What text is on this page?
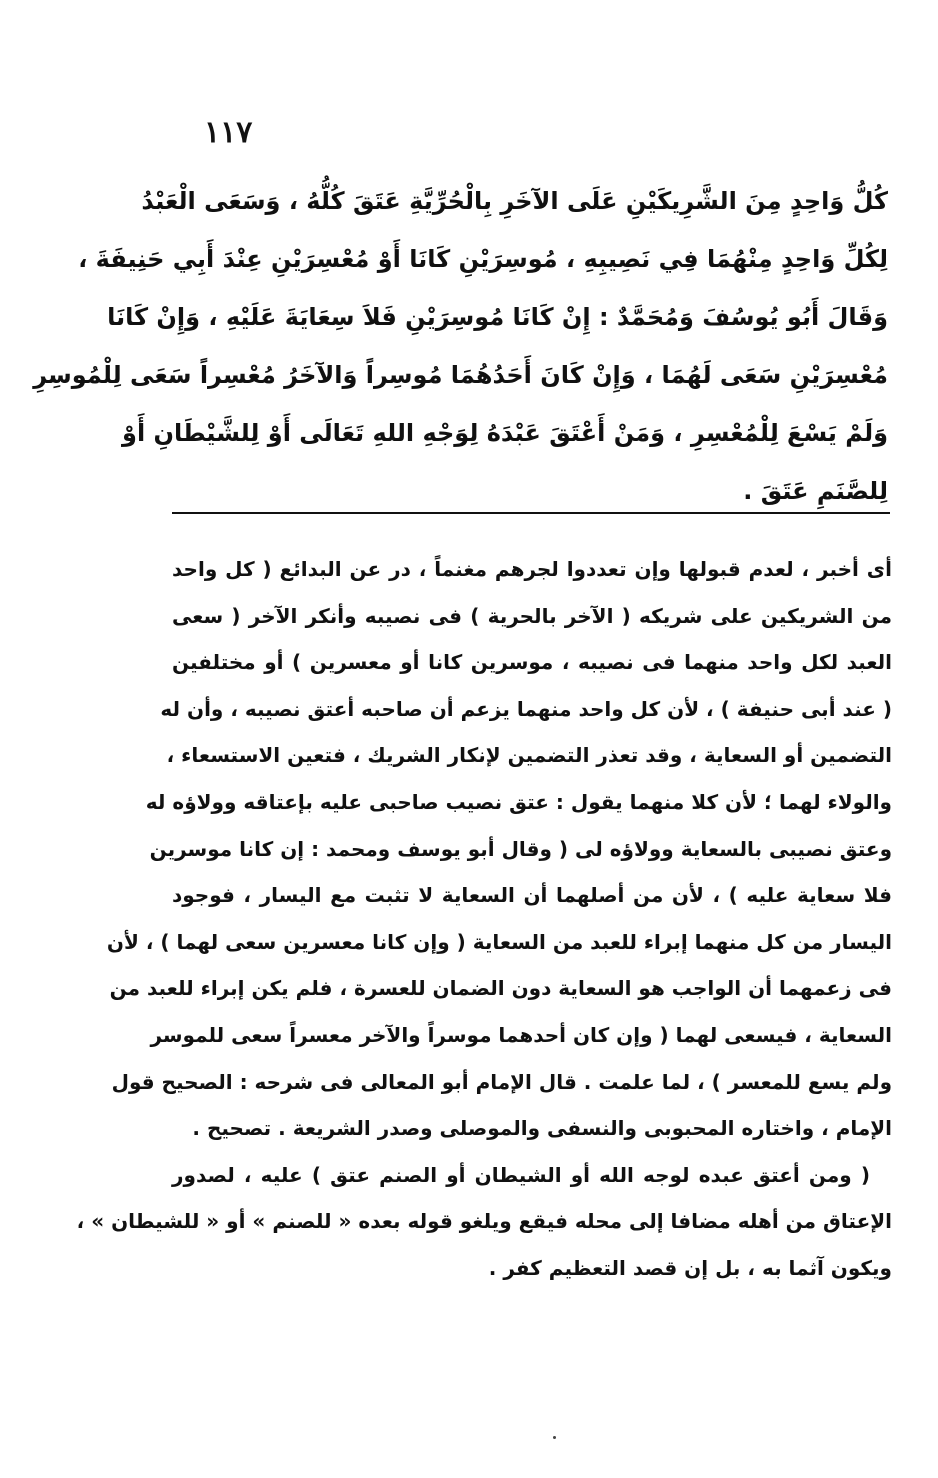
١١٧
كُلُّ وَاحِدٍ مِنَ الشَّرِيكَيْنِ عَلَى الآخَرِ بِالْحُرِّيَّةِ عَتَقَ كُلُّهُ ، وَسَعَى الْعَبْدُ
لِكُلِّ وَاحِدٍ مِنْهُمَا فِي نَصِيبِهِ ، مُوسِرَيْنِ كَانَا أَوْ مُعْسِرَيْنِ عِنْدَ أَبِي حَنِيفَةَ ،
وَقَالَ أَبُو يُوسُفَ وَمُحَمَّدٌ : إِنْ كَانَا مُوسِرَيْنِ فَلاَ سِعَايَةَ عَلَيْهِ ، وَإِنْ كَانَا
مُعْسِرَيْنِ سَعَى لَهُمَا ، وَإِنْ كَانَ أَحَدُهُمَا مُوسِراً وَالآخَرُ مُعْسِراً سَعَى لِلْمُوسِرِ
وَلَمْ يَسْعَ لِلْمُعْسِرِ ، وَمَنْ أَعْتَقَ عَبْدَهُ لِوَجْهِ اللهِ تَعَالَى أَوْ لِلشَّيْطَانِ أَوْ
لِلصَّنَمِ عَتَقَ .
أى أخبر ، لعدم قبولها وإن تعددوا لجرهم مغنماً ، در عن البدائع ( كل واحد
من الشريكين على شريكه ( الآخر بالحرية ) فى نصيبه وأنكر الآخر ( سعى
العبد لكل واحد منهما فى نصيبه ، موسرين كانا أو معسرين ) أو مختلفين
( عند أبى حنيفة ) ، لأن كل واحد منهما يزعم أن صاحبه أعتق نصيبه ، وأن له
التضمين أو السعاية ، وقد تعذر التضمين لإنكار الشريك ، فتعين الاستسعاء ،
والولاء لهما ؛ لأن كلا منهما يقول : عتق نصيب صاحبى عليه بإعتاقه وولاؤه له
وعتق نصيبى بالسعاية وولاؤه لى ( وقال أبو يوسف ومحمد : إن كانا موسرين
فلا سعاية عليه ) ، لأن من أصلهما أن السعاية لا تثبت مع اليسار ، فوجود
اليسار من كل منهما إبراء للعبد من السعاية ( وإن كانا معسرين سعى لهما ) ، لأن
فى زعمهما أن الواجب هو السعاية دون الضمان للعسرة ، فلم يكن إبراء للعبد من
السعاية ، فيسعى لهما ( وإن كان أحدهما موسراً والآخر معسراً سعى للموسر
ولم يسع للمعسر ) ، لما علمت . قال الإمام أبو المعالى فى شرحه : الصحيح قول
الإمام ، واختاره المحبوبى والنسفى والموصلى وصدر الشريعة . تصحيح .
( ومن أعتق عبده لوجه الله أو الشيطان أو الصنم عتق ) عليه ، لصدور
الإعتاق من أهله مضافا إلى محله فيقع ويلغو قوله بعده « للصنم » أو « للشيطان » ،
ويكون آثما به ، بل إن قصد التعظيم كفر .
